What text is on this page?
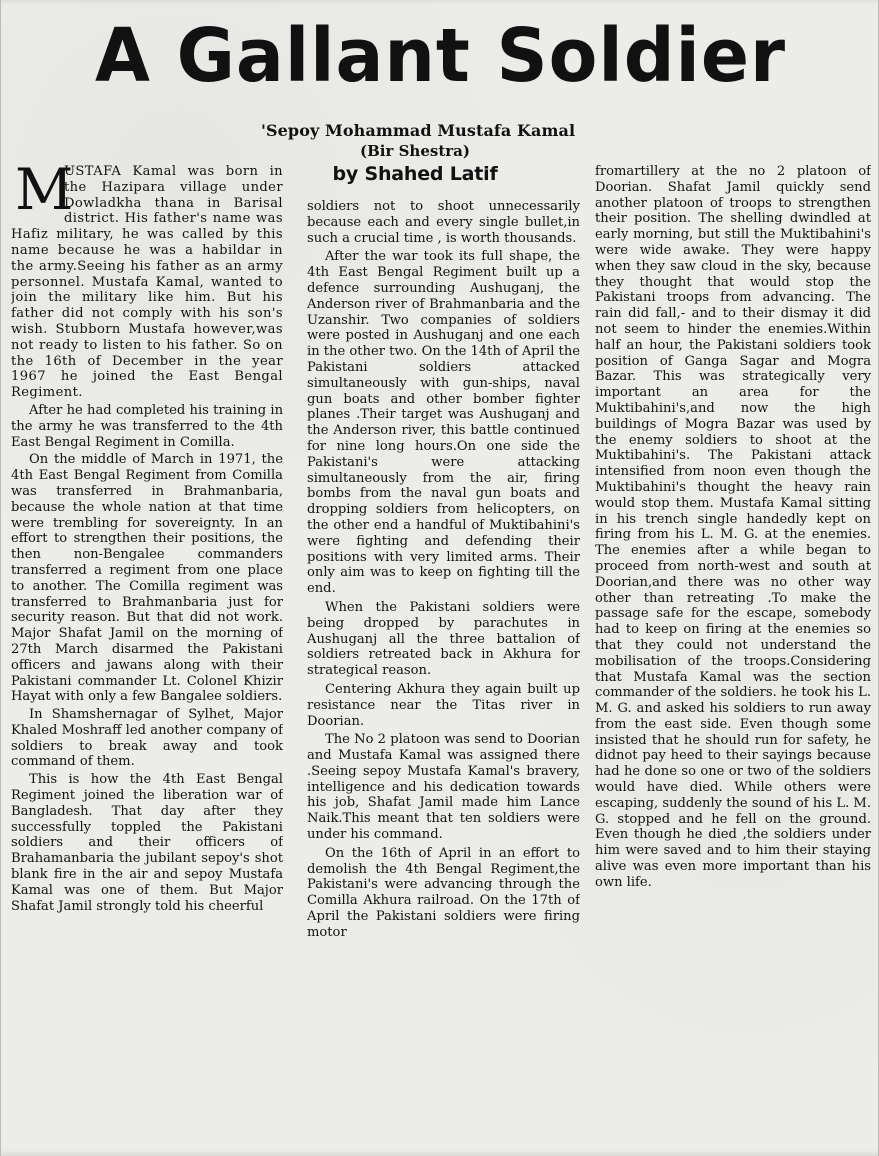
A Gallant Soldier
'Sepoy Mohammad Mustafa Kamal
(Bir Shestra)
by Shahed Latif
M

USTAFA Kamal was born in the Hazipara village under Dowladkha thana in Barisal district. His father's name was Hafiz military, he was called by this name because he was a habildar in the army.Seeing his father as an army personnel. Mustafa Kamal, wanted to join the military like him. But his father did not comply with his son's wish. Stubborn Mustafa however,was not ready to listen to his father. So on the 16th of December in the year 1967 he joined the East Bengal Regiment.

After he had completed his training in the army he was transferred to the 4th East Bengal Regiment in Comilla.

On the middle of March in 1971, the 4th East Bengal Regiment from Comilla was transferred in Brahmanbaria, because the whole nation at that time were trembling for sovereignty. In an effort to strengthen their positions, the then non-Bengalee commanders transferred a regiment from one place to another. The Comilla regiment was transferred to Brahmanbaria just for security reason. But that did not work. Major Shafat Jamil on the morning of 27th March disarmed the Pakistani officers and jawans along with their Pakistani commander Lt. Colonel Khizir Hayat with only a few Bangalee soldiers.

In Shamshernagar of Sylhet, Major Khaled Moshraff led another company of soldiers to break away and took command of them.

This is how the 4th East Bengal Regiment joined the liberation war of Bangladesh. That day after they successfully toppled the Pakistani soldiers and their officers of Brahamanbaria the jubilant sepoy's shot blank fire in the air and sepoy Mustafa Kamal was one of them. But Major Shafat Jamil strongly told his cheerful

soldiers not to shoot unnecessarily because each and every single bullet,in such a crucial time , is worth thousands.

After the war took its full shape, the 4th East Bengal Regiment built up a defence surrounding Aushuganj, the Anderson river of Brahmanbaria and the Uzanshir. Two companies of soldiers were posted in Aushuganj and one each in the other two. On the 14th of April the Pakistani soldiers attacked simultaneously with gun-ships, naval gun boats and other bomber fighter planes .Their target was Aushuganj and the Anderson river, this battle continued for nine long hours.On one side the Pakistani's were attacking simultaneously from the air, firing bombs from the naval gun boats and dropping soldiers from helicopters, on the other end a handful of Muktibahini's were fighting and defending their positions with very limited arms. Their only aim was to keep on fighting till the end.

When the Pakistani soldiers were being dropped by parachutes in Aushuganj all the three battalion of soldiers retreated back in Akhura for strategical reason.

Centering Akhura they again built up resistance near the Titas river in Doorian.

The No 2 platoon was send to Doorian and Mustafa Kamal was assigned there .Seeing sepoy Mustafa Kamal's bravery, intelligence and his dedication towards his job, Shafat Jamil made him Lance Naik.This meant that ten soldiers were under his command.

On the 16th of April in an effort to demolish the 4th Bengal Regiment,the Pakistani's were advancing through the Comilla Akhura railroad. On the 17th of April the Pakistani soldiers were firing motor

fromartillery at the no 2 platoon of Doorian. Shafat Jamil quickly send another platoon of troops to strengthen their position. The shelling dwindled at early morning, but still the Muktibahini's were wide awake. They were happy when they saw cloud in the sky, because they thought that would stop the Pakistani troops from advancing. The rain did fall,- and to their dismay it did not seem to hinder the enemies.Within half an hour, the Pakistani soldiers took position of Ganga Sagar and Mogra Bazar. This was strategically very important an area for the Muktibahini's,and now the high buildings of Mogra Bazar was used by the enemy soldiers to shoot at the Muktibahini's. The Pakistani attack intensified from noon even though the Muktibahini's thought the heavy rain would stop them. Mustafa Kamal sitting in his trench single handedly kept on firing from his L. M. G. at the enemies. The enemies after a while began to proceed from north-west and south at Doorian,and there was no other way other than retreating .To make the passage safe for the escape, somebody had to keep on firing at the enemies so that they could not understand the mobilisation of the troops.Considering that Mustafa Kamal was the section commander of the soldiers. he took his L. M. G. and asked his soldiers to run away from the east side. Even though some insisted that he should run for safety, he didnot pay heed to their sayings because had he done so one or two of the soldiers would have died. While others were escaping, suddenly the sound of his L. M. G. stopped and he fell on the ground. Even though he died ,the soldiers under him were saved and to him their staying alive was even more important than his own life.
